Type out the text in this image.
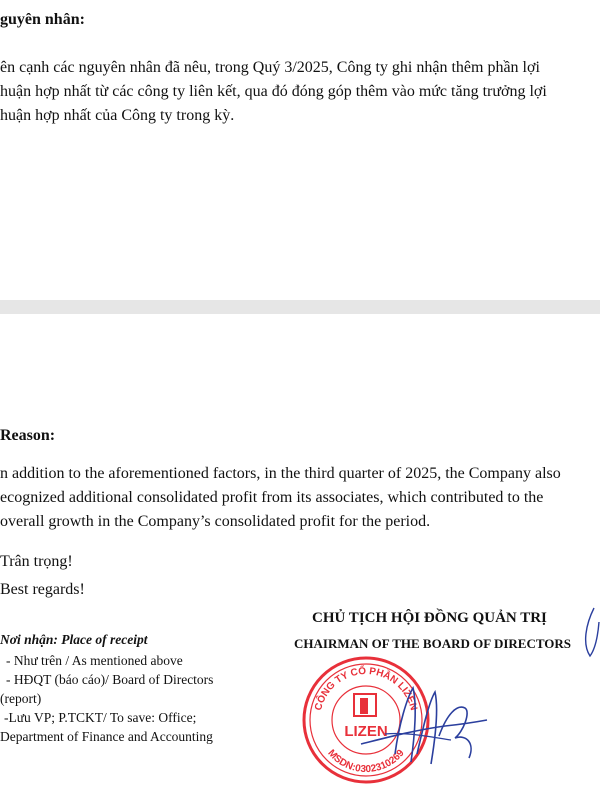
guyên nhân:
ên cạnh các nguyên nhân đã nêu, trong Quý 3/2025, Công ty ghi nhận thêm phần lợi
huận hợp nhất từ các công ty liên kết, qua đó đóng góp thêm vào mức tăng trưởng lợi
huận hợp nhất của Công ty trong kỳ.
Reason:
n addition to the aforementioned factors, in the third quarter of 2025, the Company also
ecognized additional consolidated profit from its associates, which contributed to the
overall growth in the Company’s consolidated profit for the period.
Trân trọng!
Best regards!
Nơi nhận: Place of receipt
- Như trên / As mentioned above
- HĐQT (báo cáo)/ Board of Directors
(report)
-Lưu VP; P.TCKT/ To save: Office;
Department of Finance and Accounting
CHỦ TỊCH HỘI ĐỒNG QUẢN TRỊ
CHAIRMAN OF THE BOARD OF DIRECTORS
CÔNG TY CỔ PHẦN LIZEN
MSDN:0302310269
LIZEN
